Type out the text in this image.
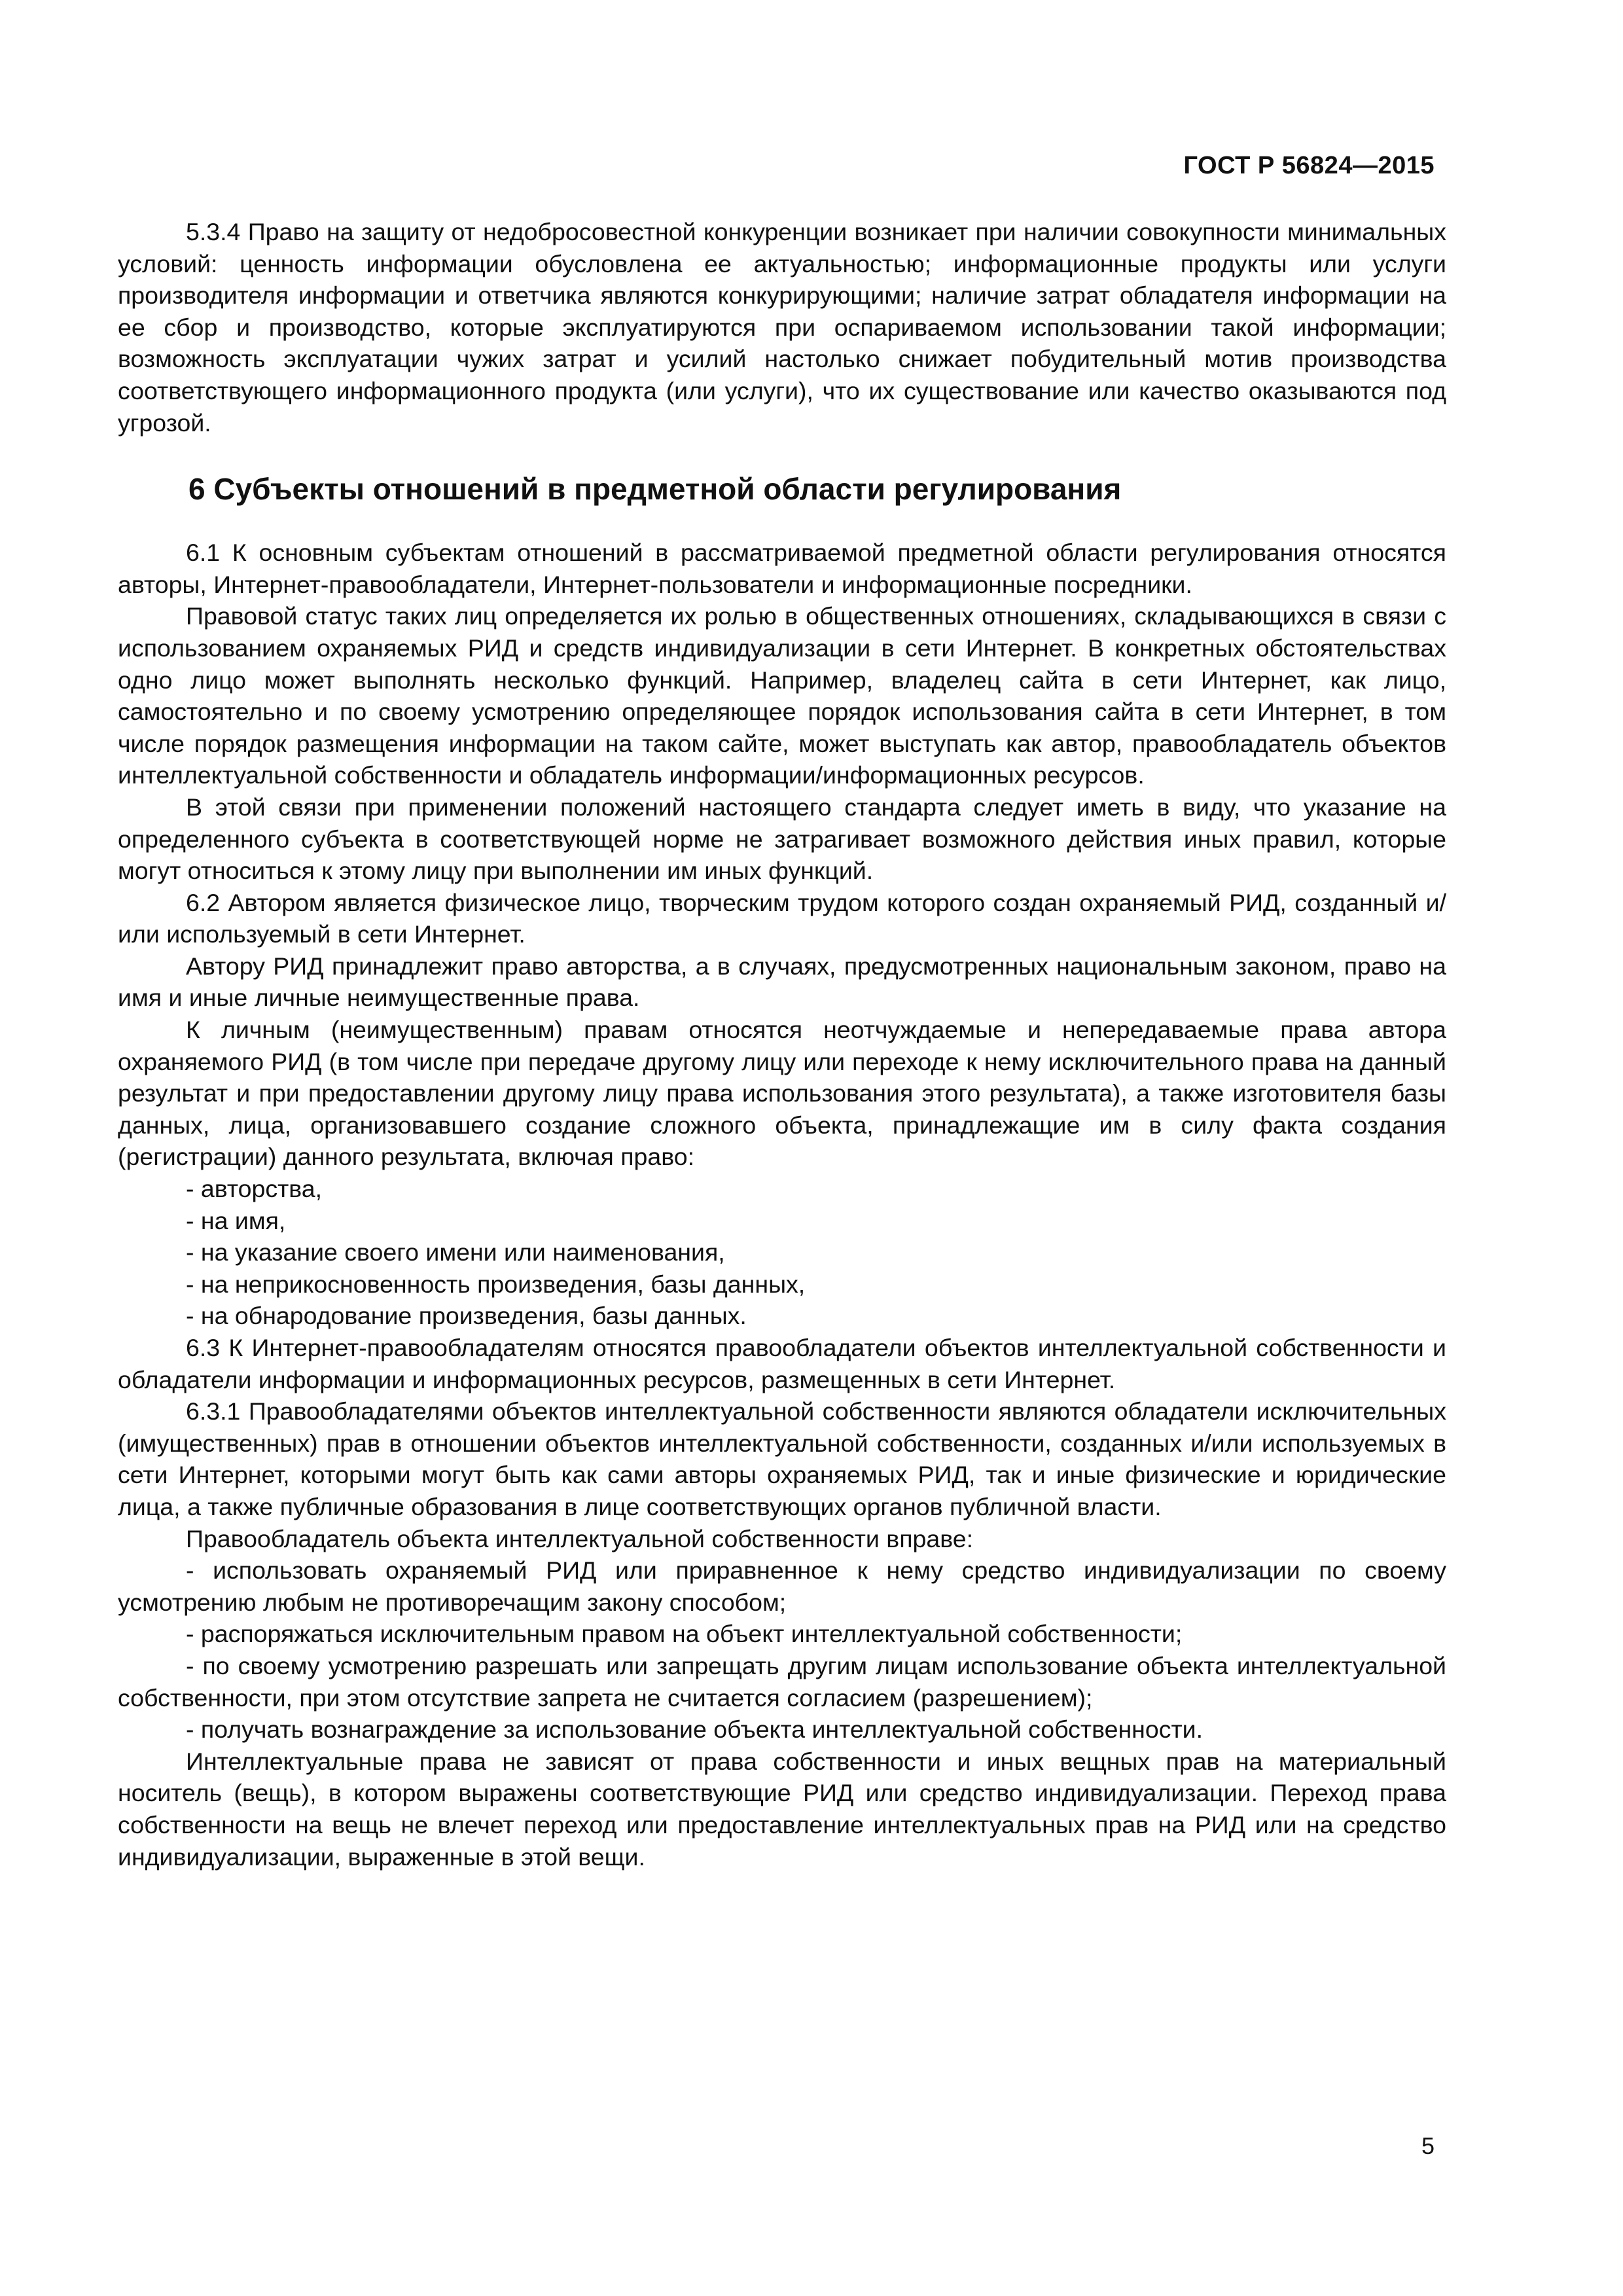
ГОСТ Р 56824—2015

5.3.4 Право на защиту от недобросовестной конкуренции возникает при наличии совокупности минимальных условий: ценность информации обусловлена ее актуальностью; информационные продукты или услуги производителя информации и ответчика являются конкурирующими; наличие затрат обладателя информации на ее сбор и производство, которые эксплуатируются при оспариваемом использовании такой информации; возможность эксплуатации чужих затрат и усилий настолько снижает побудительный мотив производства соответствующего информационного продукта (или услуги), что их существование или качество оказываются под угрозой.

6 Субъекты отношений в предметной области регулирования

6.1 К основным субъектам отношений в рассматриваемой предметной области регулирования относятся авторы, Интернет-правообладатели, Интернет-пользователи и информационные посредники.

Правовой статус таких лиц определяется их ролью в общественных отношениях, складывающихся в связи с использованием охраняемых РИД и средств индивидуализации в сети Интернет. В конкретных обстоятельствах одно лицо может выполнять несколько функций. Например, владелец сайта в сети Интернет, как лицо, самостоятельно и по своему усмотрению определяющее порядок использования сайта в сети Интернет, в том числе порядок размещения информации на таком сайте, может выступать как автор, правообладатель объектов интеллектуальной собственности и обладатель информации/информационных ресурсов.

В этой связи при применении положений настоящего стандарта следует иметь в виду, что указание на определенного субъекта в соответствующей норме не затрагивает возможного действия иных правил, которые могут относиться к этому лицу при выполнении им иных функций.

6.2 Автором является физическое лицо, творческим трудом которого создан охраняемый РИД, созданный и/или используемый в сети Интернет.

Автору РИД принадлежит право авторства, а в случаях, предусмотренных национальным законом, право на имя и иные личные неимущественные права.

К личным (неимущественным) правам относятся неотчуждаемые и непередаваемые права автора охраняемого РИД (в том числе при передаче другому лицу или переходе к нему исключительного права на данный результат и при предоставлении другому лицу права использования этого результата), а также изготовителя базы данных, лица, организовавшего создание сложного объекта, принадлежащие им в силу факта создания (регистрации) данного результата, включая право:

- авторства,

- на имя,

- на указание своего имени или наименования,

- на неприкосновенность произведения, базы данных,

- на обнародование произведения, базы данных.

6.3 К Интернет-правообладателям относятся правообладатели объектов интеллектуальной собственности и обладатели информации и информационных ресурсов, размещенных в сети Интернет.

6.3.1 Правообладателями объектов интеллектуальной собственности являются обладатели исключительных (имущественных) прав в отношении объектов интеллектуальной собственности, созданных и/или используемых в сети Интернет, которыми могут быть как сами авторы охраняемых РИД, так и иные физические и юридические лица, а также публичные образования в лице соответствующих органов публичной власти.

Правообладатель объекта интеллектуальной собственности вправе:

- использовать охраняемый РИД или приравненное к нему средство индивидуализации по своему усмотрению любым не противоречащим закону способом;

- распоряжаться исключительным правом на объект интеллектуальной собственности;

- по своему усмотрению разрешать или запрещать другим лицам использование объекта интеллектуальной собственности, при этом отсутствие запрета не считается согласием (разрешением);

- получать вознаграждение за использование объекта интеллектуальной собственности.

Интеллектуальные права не зависят от права собственности и иных вещных прав на материальный носитель (вещь), в котором выражены соответствующие РИД или средство индивидуализации. Переход права собственности на вещь не влечет переход или предоставление интеллектуальных прав на РИД или на средство индивидуализации, выраженные в этой вещи.

5
